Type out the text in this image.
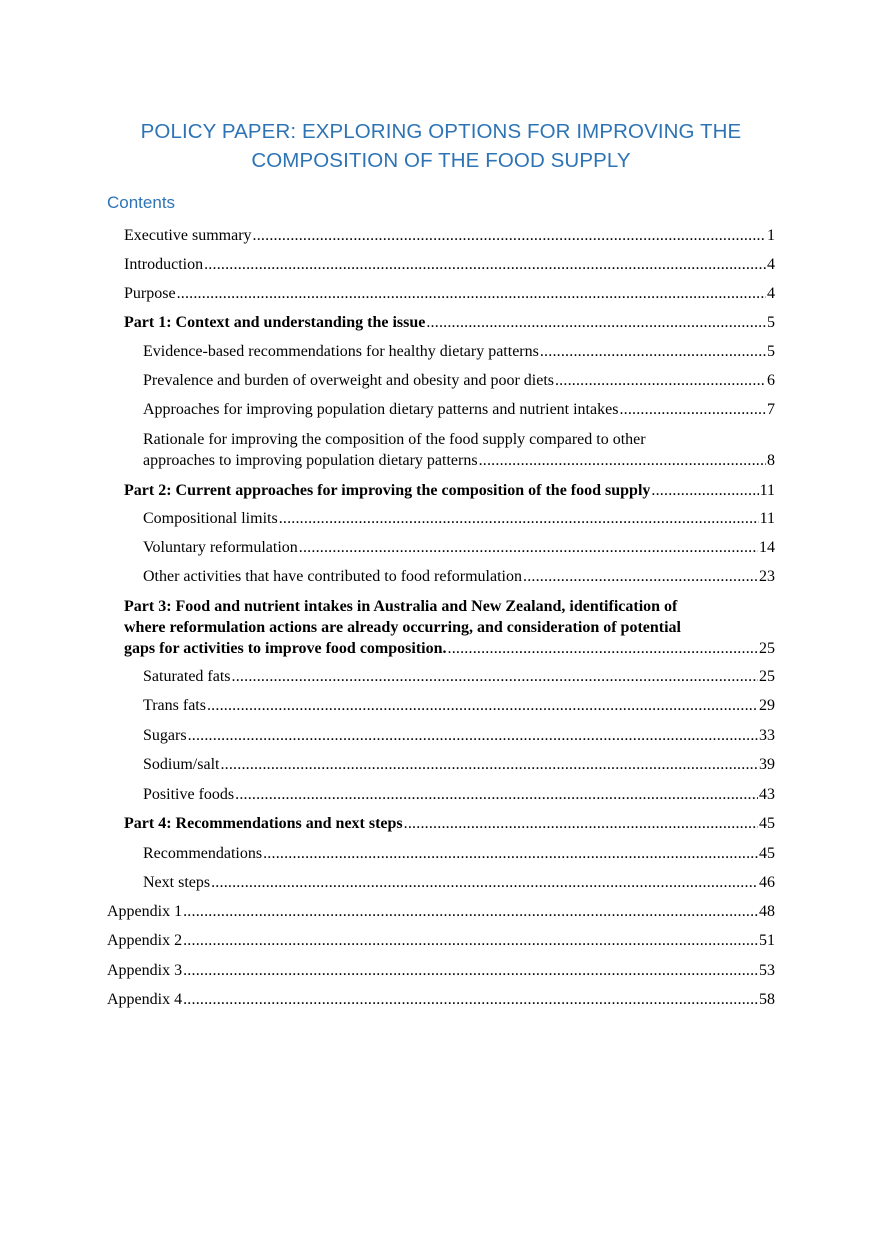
POLICY PAPER: EXPLORING OPTIONS FOR IMPROVING THE
COMPOSITION OF THE FOOD SUPPLY
Contents
Executive summary .....	1
Introduction .....	4
Purpose .....	4
Part 1: Context and understanding the issue .....	5
Evidence-based recommendations for healthy dietary patterns .....	5
Prevalence and burden of overweight and obesity and poor diets .....	6
Approaches for improving population dietary patterns and nutrient intakes .....	7
Rationale for improving the composition of the food supply compared to other
approaches to improving population dietary patterns .....	8
Part 2: Current approaches for improving the composition of the food supply .....	11
Compositional limits .....	11
Voluntary reformulation .....	14
Other activities that have contributed to food reformulation .....	23
Part 3: Food and nutrient intakes in Australia and New Zealand, identification of
where reformulation actions are already occurring, and consideration of potential
gaps for activities to improve food composition. .....	25
Saturated fats .....	25
Trans fats .....	29
Sugars .....	33
Sodium/salt .....	39
Positive foods .....	43
Part 4: Recommendations and next steps .....	45
Recommendations .....	45
Next steps .....	46
Appendix 1 .....	48
Appendix 2 .....	51
Appendix 3 .....	53
Appendix 4 .....	58
